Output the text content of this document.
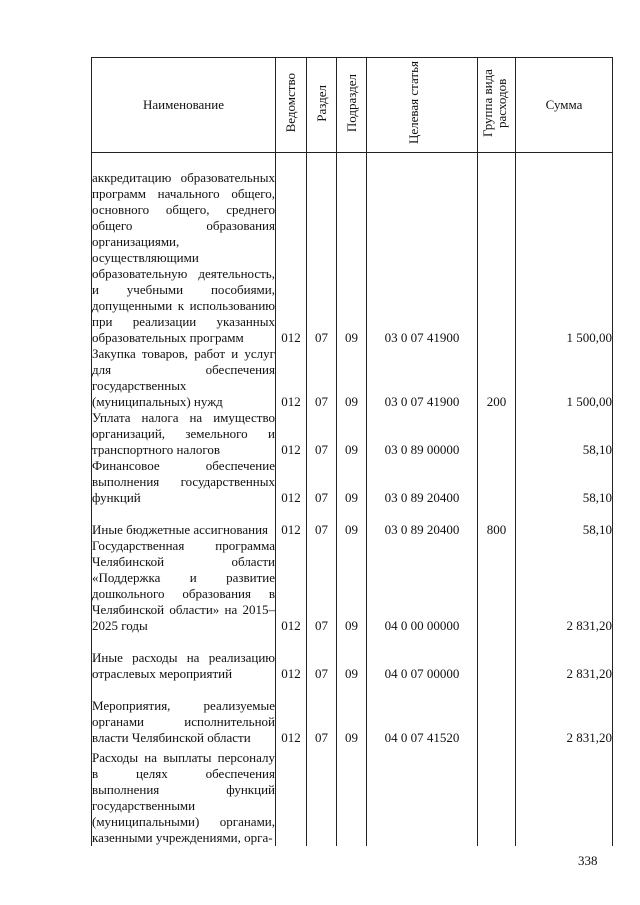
Наименование	Ведомство	Раздел	Подраздел	Целевая статья	Группа вида расходов	Сумма
аккредитацию образовательных программ начального общего, основного общего, среднего общего образования организациями, осуществляющими образовательную деятельность, и учебными пособиями, допущенными к использованию при реализации указанных образовательных программ	012	07	09	03 0 07 41900		1 500,00
Закупка товаров, работ и услуг для обеспечения государственных (муниципальных) нужд	012	07	09	03 0 07 41900	200	1 500,00
Уплата налога на имущество организаций, земельного и транспортного налогов	012	07	09	03 0 89 00000		58,10
Финансовое обеспечение выполнения государственных функций	012	07	09	03 0 89 20400		58,10
Иные бюджетные ассигнования	012	07	09	03 0 89 20400	800	58,10
Государственная программа Челябинской области «Поддержка и развитие дошкольного образования в Челябинской области» на 2015–2025 годы	012	07	09	04 0 00 00000		2 831,20
Иные расходы на реализацию отраслевых мероприятий	012	07	09	04 0 07 00000		2 831,20
Мероприятия, реализуемые органами исполнительной власти Челябинской области	012	07	09	04 0 07 41520		2 831,20
Расходы на выплаты персоналу в целях обеспечения выполнения функций государственными (муниципальными) органами, казенными учреждениями, орга-						
338
